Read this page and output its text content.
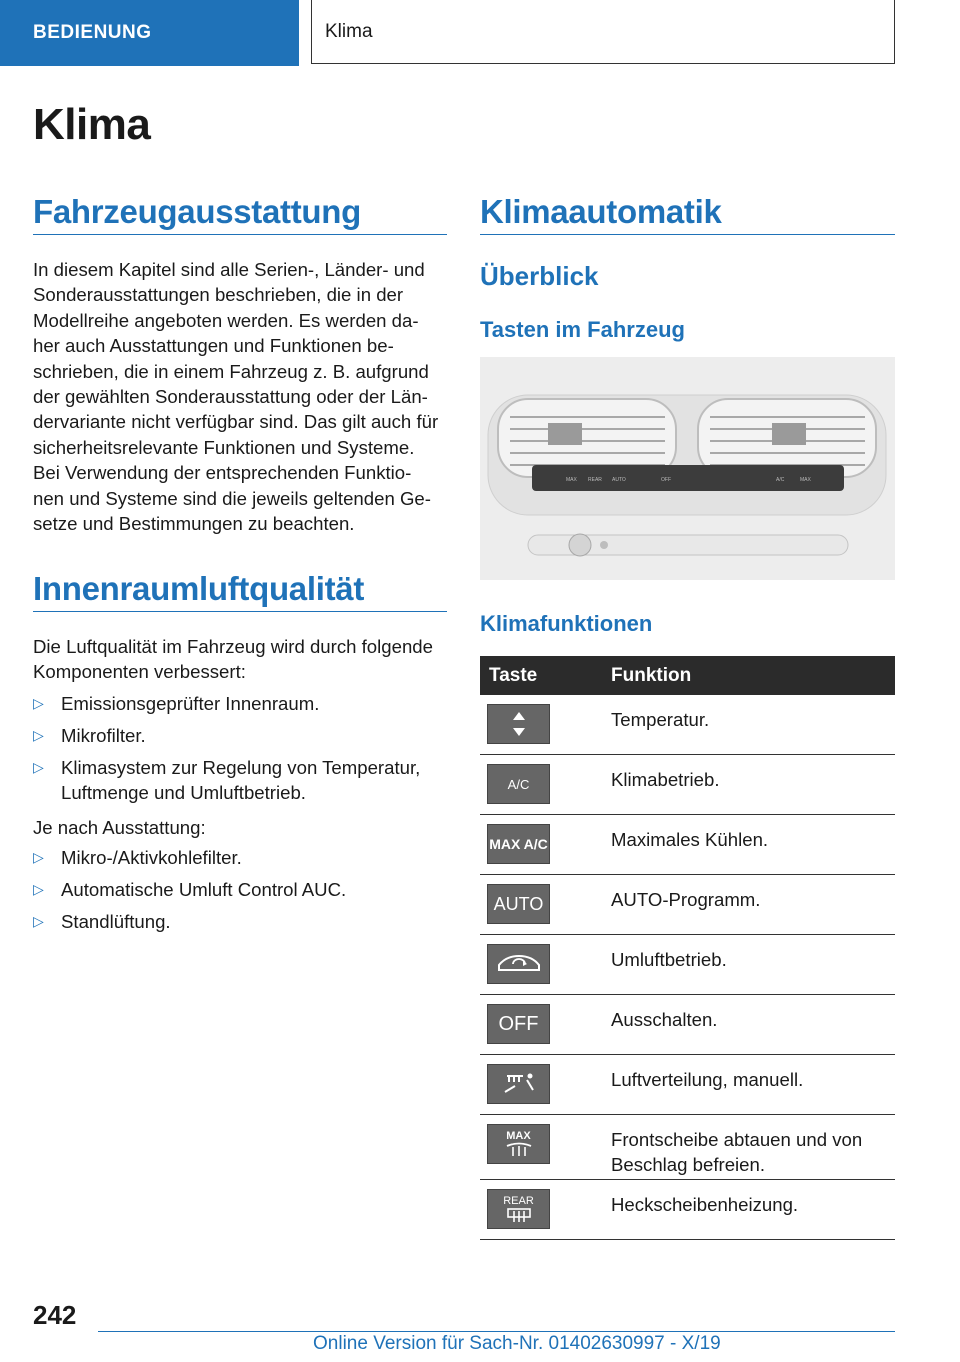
BEDIENUNG	Klima
Klima
Fahrzeugausstattung
In diesem Kapitel sind alle Serien-, Länder- und
Sonderausstattungen beschrieben, die in der
Modellreihe angeboten werden. Es werden da-
her auch Ausstattungen und Funktionen be-
schrieben, die in einem Fahrzeug z. B. aufgrund
der gewählten Sonderausstattung oder der Län-
dervariante nicht verfügbar sind. Das gilt auch für
sicherheitsrelevante Funktionen und Systeme.
Bei Verwendung der entsprechenden Funktio-
nen und Systeme sind die jeweils geltenden Ge-
setze und Bestimmungen zu beachten.
Innenraumluftqualität
Die Luftqualität im Fahrzeug wird durch folgende
Komponenten verbessert:
▷ Emissionsgeprüfter Innenraum.
▷ Mikrofilter.
▷ Klimasystem zur Regelung von Temperatur,
Luftmenge und Umluftbetrieb.
Je nach Ausstattung:
▷ Mikro-/Aktivkohlefilter.
▷ Automatische Umluft Control AUC.
▷ Standlüftung.
Klimaautomatik
Überblick
Tasten im Fahrzeug
MAX REAR AUTO	OFF	A/C	MAX
Klimafunktionen
Taste	Funktion
Temperatur.
A/C	Klimabetrieb.
MAX A/C	Maximales Kühlen.
AUTO	AUTO-Programm.
Umluftbetrieb.
OFF	Ausschalten.
Luftverteilung, manuell.
MAX	Frontscheibe abtauen und von
Beschlag befreien.
REAR	Heckscheibenheizung.
242
Online Version für Sach-Nr. 01402630997 - X/19
